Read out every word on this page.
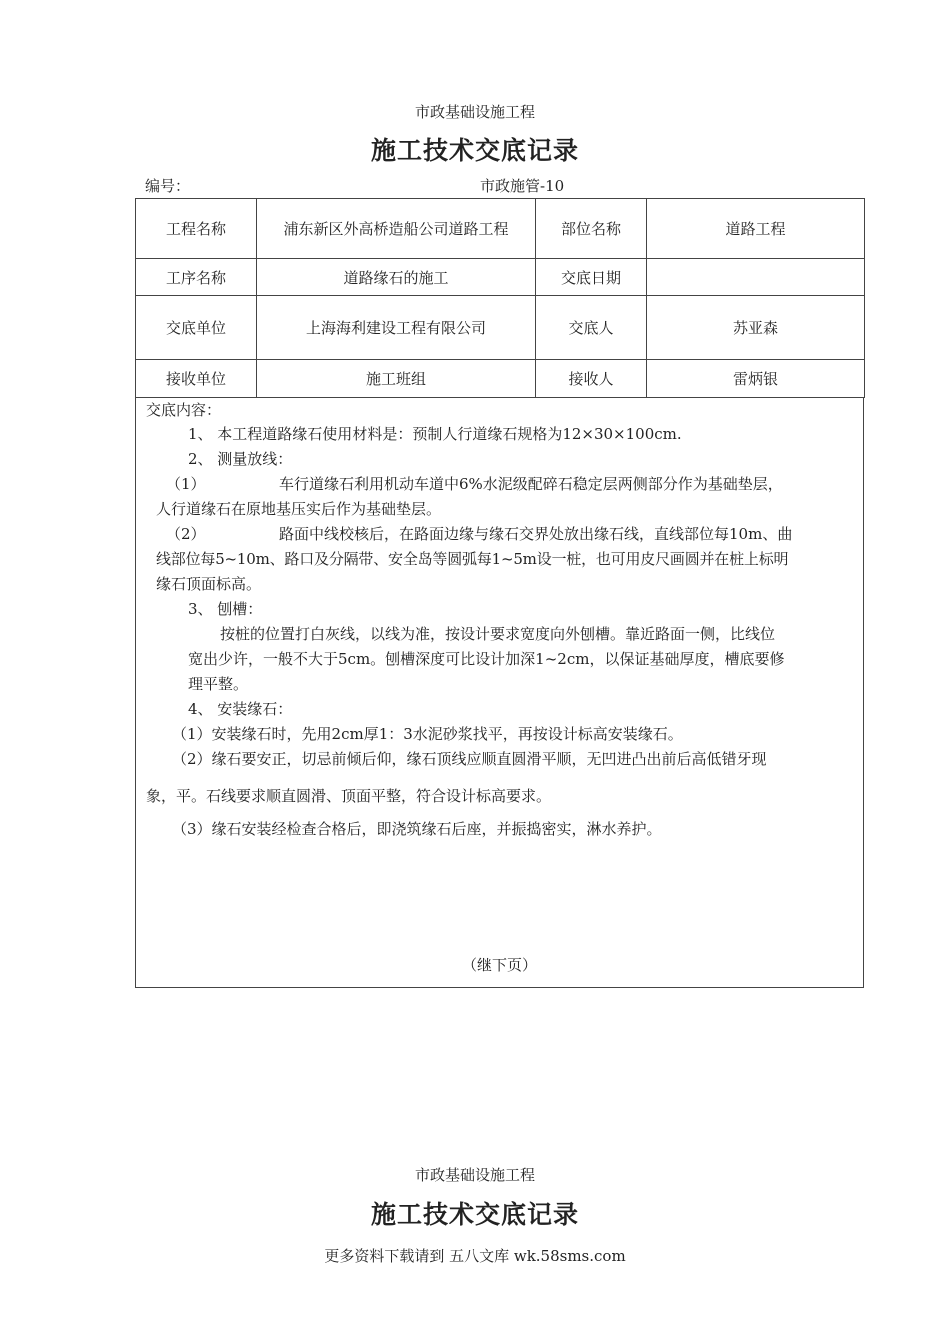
市政基础设施工程
施工技术交底记录
编号：	市政施管-10
工程名称	浦东新区外高桥造船公司道路工程	部位名称	道路工程
工序名称	道路缘石的施工	交底日期	
交底单位	上海海利建设工程有限公司	交底人	苏亚森
接收单位	施工班组	接收人	雷炳银
交底内容：
1、 本工程道路缘石使用材料是：预制人行道缘石规格为12×30×100cm.
2、 测量放线：
（1）	车行道缘石利用机动车道中6%水泥级配碎石稳定层两侧部分作为基础垫层，
人行道缘石在原地基压实后作为基础垫层。
（2）	路面中线校核后，在路面边缘与缘石交界处放出缘石线，直线部位每10m、曲
线部位每5~10m、路口及分隔带、安全岛等圆弧每1~5m设一桩，也可用皮尺画圆并在桩上标明
缘石顶面标高。
3、 刨槽：
按桩的位置打白灰线，以线为准，按设计要求宽度向外刨槽。靠近路面一侧，比线位
宽出少许，一般不大于5cm。刨槽深度可比设计加深1~2cm，以保证基础厚度，槽底要修
理平整。
4、 安装缘石：
（1）安装缘石时，先用2cm厚1：3水泥砂浆找平，再按设计标高安装缘石。
（2）缘石要安正，切忌前倾后仰，缘石顶线应顺直圆滑平顺，无凹进凸出前后高低错牙现
象，平。石线要求顺直圆滑、顶面平整，符合设计标高要求。
（3）缘石安装经检查合格后，即浇筑缘石后座，并振捣密实，淋水养护。
（继下页）
市政基础设施工程
施工技术交底记录
更多资料下载请到 五八文库 wk.58sms.com
